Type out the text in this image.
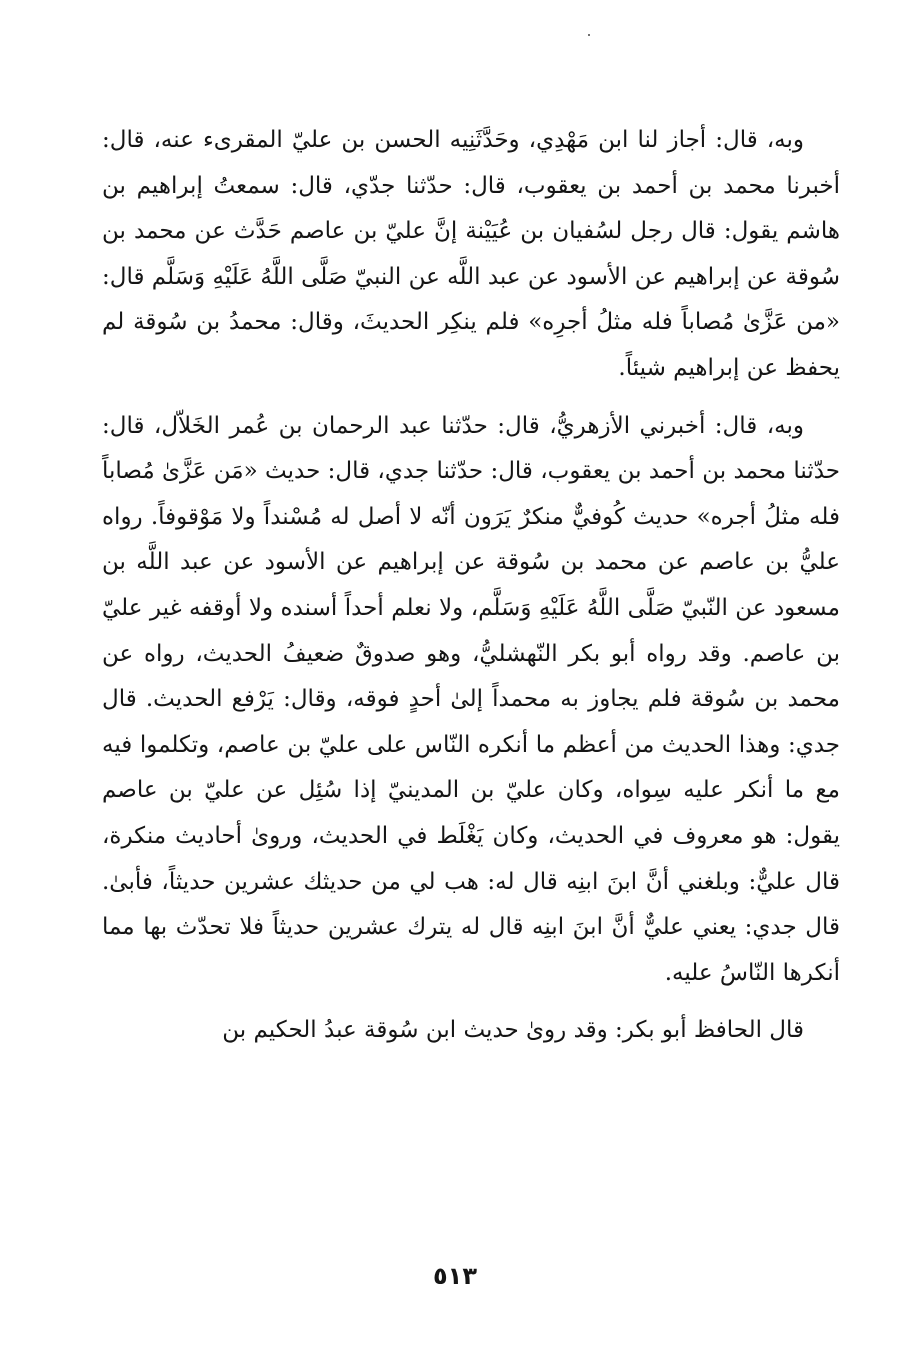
وبه، قال: أجاز لنا ابن مَهْدِي، وحَدَّثَنِيه الحسن بن عليّ المقرىء عنه، قال: أخبرنا محمد بن أحمد بن يعقوب، قال: حدّثنا جدّي، قال: سمعتُ إبراهيم بن هاشم يقول: قال رجل لسُفيان بن عُيَيْنة إنَّ عليّ بن عاصم حَدَّث عن محمد بن سُوقة عن إبراهيم عن الأسود عن عبد اللَّه عن النبيّ صَلَّى اللَّهُ عَلَيْهِ وَسَلَّم قال: «من عَزَّىٰ مُصاباً فله مثلُ أجرِه» فلم ينكِر الحديثَ، وقال: محمدُ بن سُوقة لم يحفظ عن إبراهيم شيئاً.

وبه، قال: أخبرني الأزهريُّ، قال: حدّثنا عبد الرحمان بن عُمر الخَلاّل، قال: حدّثنا محمد بن أحمد بن يعقوب، قال: حدّثنا جدي، قال: حديث «مَن عَزَّىٰ مُصاباً فله مثلُ أجره» حديث كُوفيٌّ منكرٌ يَرَون أنّه لا أصل له مُسْنداً ولا مَوْقوفاً. رواه عليُّ بن عاصم عن محمد بن سُوقة عن إبراهيم عن الأسود عن عبد اللَّه بن مسعود عن النّبيّ صَلَّى اللَّهُ عَلَيْهِ وَسَلَّم، ولا نعلم أحداً أسنده ولا أوقفه غير عليّ بن عاصم. وقد رواه أبو بكر النّهشليُّ، وهو صدوقٌ ضعيفُ الحديث، رواه عن محمد بن سُوقة فلم يجاوز به محمداً إلىٰ أحدٍ فوقه، وقال: يَرْفع الحديث. قال جدي: وهذا الحديث من أعظم ما أنكره النّاس على عليّ بن عاصم، وتكلموا فيه مع ما أنكر عليه سِواه، وكان عليّ بن المدينيّ إذا سُئِل عن عليّ بن عاصم يقول: هو معروف في الحديث، وكان يَغْلَط في الحديث، وروىٰ أحاديث منكرة، قال عليٌّ: وبلغني أنَّ ابنَ ابنِه قال له: هب لي من حديثك عشرين حديثاً، فأبىٰ. قال جدي: يعني عليٌّ أنَّ ابنَ ابنِه قال له يترك عشرين حديثاً فلا تحدّث بها مما أنكرها النّاسُ عليه.

قال الحافظ أبو بكر: وقد روىٰ حديث ابن سُوقة عبدُ الحكيم بن

٥١٣
